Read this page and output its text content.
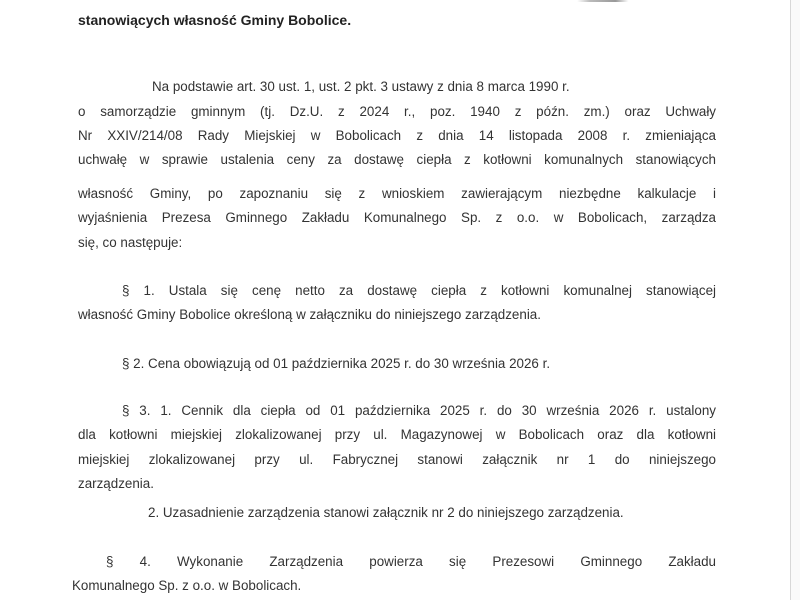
stanowiących własność Gminy Bobolice.
Na podstawie art. 30 ust. 1, ust. 2 pkt. 3 ustawy z dnia 8 marca 1990 r.
o samorządzie gminnym (tj. Dz.U. z 2024 r., poz. 1940 z późn. zm.) oraz Uchwały
Nr XXIV/214/08 Rady Miejskiej w Bobolicach z dnia 14 listopada 2008 r. zmieniająca
uchwałę w sprawie ustalenia ceny za dostawę ciepła z kotłowni komunalnych stanowiących
własność Gminy, po zapoznaniu się z wnioskiem zawierającym niezbędne kalkulacje i
wyjaśnienia Prezesa Gminnego Zakładu Komunalnego Sp. z o.o. w Bobolicach, zarządza
się, co następuje:
§ 1. Ustala się cenę netto za dostawę ciepła z kotłowni komunalnej stanowiącej
własność Gminy Bobolice określoną w załączniku do niniejszego zarządzenia.
§ 2. Cena obowiązują od 01 października 2025 r. do 30 września 2026 r.
§ 3. 1. Cennik dla ciepła od 01 października 2025 r. do 30 września 2026 r. ustalony
dla kotłowni miejskiej zlokalizowanej przy ul. Magazynowej w Bobolicach oraz dla kotłowni
miejskiej zlokalizowanej przy ul. Fabrycznej stanowi załącznik nr 1 do niniejszego
zarządzenia.
2. Uzasadnienie zarządzenia stanowi załącznik nr 2 do niniejszego zarządzenia.
§ 4. Wykonanie Zarządzenia powierza się Prezesowi Gminnego Zakładu
Komunalnego Sp. z o.o. w Bobolicach.
